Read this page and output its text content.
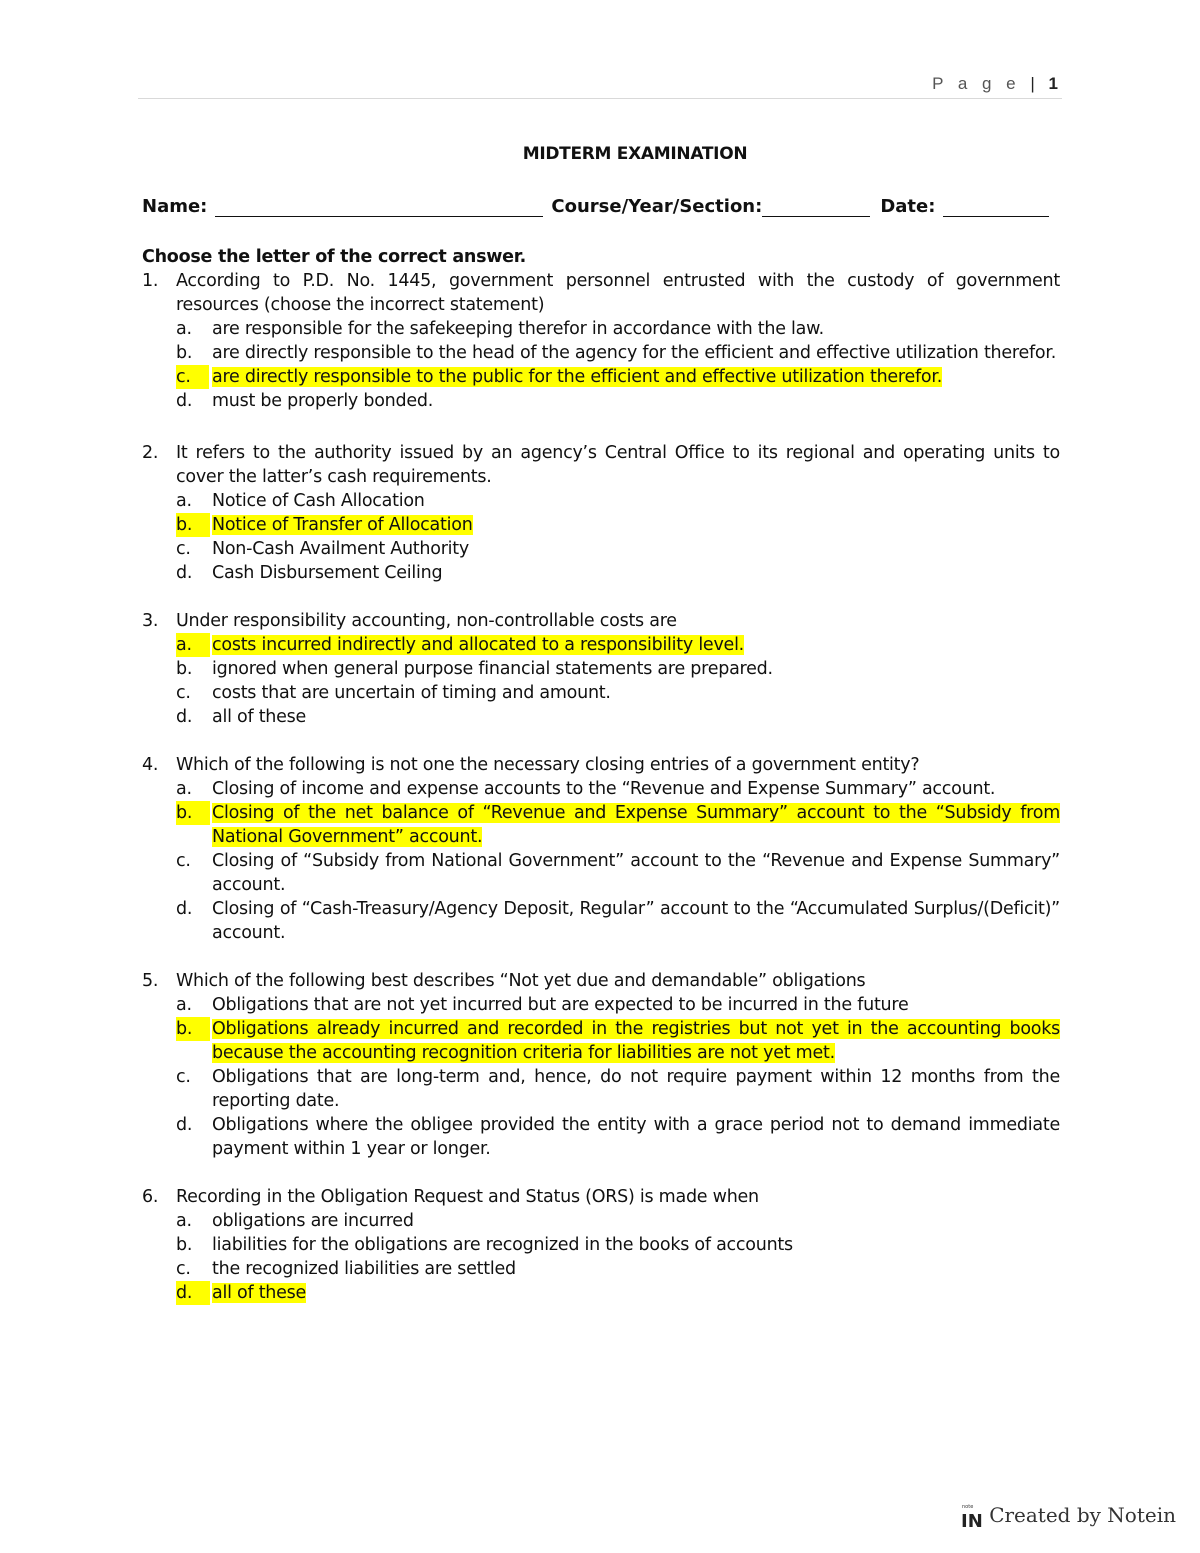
P a g e | 1
MIDTERM EXAMINATION
Name:	Course/Year/Section:	Date:

Choose the letter of the correct answer.

1. According to P.D. No. 1445, government personnel entrusted with the custody of government resources (choose the incorrect statement)
a. are responsible for the safekeeping therefor in accordance with the law.
b. are directly responsible to the head of the agency for the efficient and effective utilization therefor.
c.	are directly responsible to the public for the efficient and effective utilization therefor.
d. must be properly bonded.
2. It refers to the authority issued by an agency’s Central Office to its regional and operating units to cover the latter’s cash requirements.
a. Notice of Cash Allocation
b.	Notice of Transfer of Allocation
c. Non-Cash Availment Authority
d. Cash Disbursement Ceiling
3. Under responsibility accounting, non-controllable costs are
a.	costs incurred indirectly and allocated to a responsibility level.
b. ignored when general purpose financial statements are prepared.
c. costs that are uncertain of timing and amount.
d. all of these
4. Which of the following is not one the necessary closing entries of a government entity?
a. Closing of income and expense accounts to the “Revenue and Expense Summary” account.
b.	Closing of the net balance of “Revenue and Expense Summary” account to the “Subsidy from National Government” account.
c. Closing of “Subsidy from National Government” account to the “Revenue and Expense Summary” account.
d. Closing of “Cash-Treasury/Agency Deposit, Regular” account to the “Accumulated Surplus/(Deficit)” account.
5. Which of the following best describes “Not yet due and demandable” obligations
a. Obligations that are not yet incurred but are expected to be incurred in the future
b.	Obligations already incurred and recorded in the registries but not yet in the accounting books because the accounting recognition criteria for liabilities are not yet met.
c. Obligations that are long-term and, hence, do not require payment within 12 months from the reporting date.
d. Obligations where the obligee provided the entity with a grace period not to demand immediate payment within 1 year or longer.
6. Recording in the Obligation Request and Status (ORS) is made when
a. obligations are incurred
b. liabilities for the obligations are recognized in the books of accounts
c. the recognized liabilities are settled
d.	all of these
note
IN Created by Notein
